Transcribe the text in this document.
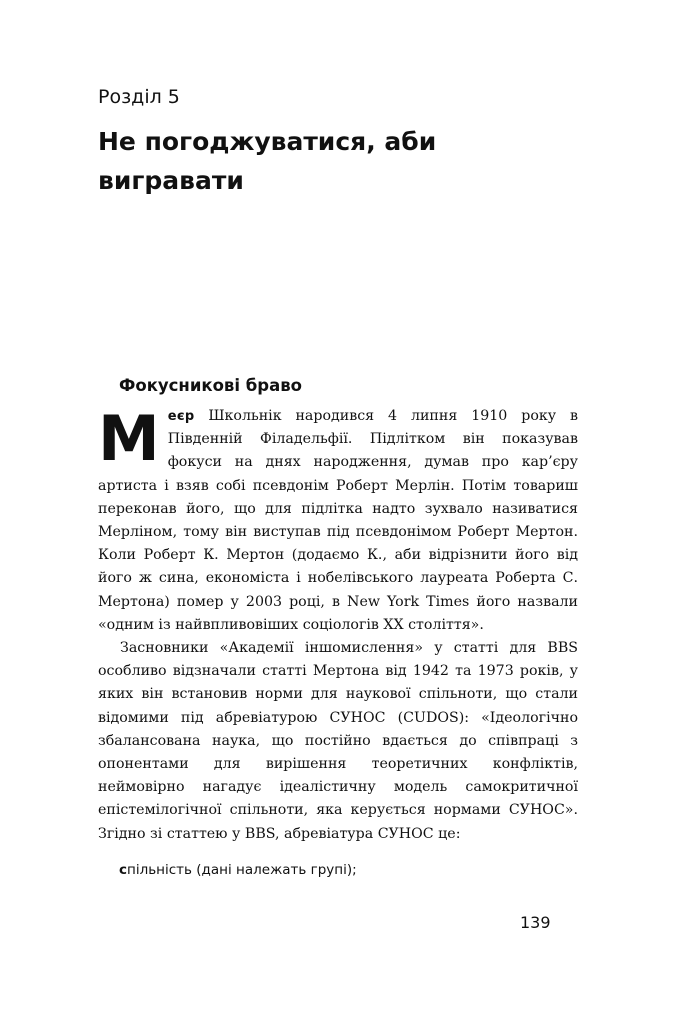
Розділ 5
Не погоджуватися, аби вигравати
Фокусникові браво

Меєр Школьнік народився 4 липня 1910 року в Південній Філадельфії. Підлітком він показував фокуси на днях народження, думав про кар’єру артиста і взяв собі псевдонім Роберт Мерлін. Потім товариш переконав його, що для підлітка надто зухвало називатися Мерліном, тому він виступав під псевдонімом Роберт Мертон. Коли Роберт К. Мертон (додаємо К., аби відрізнити його від його ж сина, економіста і нобелівського лауреата Роберта С. Мертона) помер у 2003 році, в New York Times його назвали «одним із найвпливовіших соціологів XX століття».

Засновники «Академії іншомислення» у статті для BBS особливо відзначали статті Мертона від 1942 та 1973 років, у яких він встановив норми для наукової спільноти, що стали відомими під абревіатурою СУНОС (CUDOS): «Ідеологічно збалансована наука, що постійно вдається до співпраці з опонентами для вирішення теоретичних конфліктів, неймовірно нагадує ідеалістичну модель самокритичної епістемілогічної спільноти, яка керується нормами СУНОС». Згідно зі статтею у BBS, абревіатура СУНОС це:

спільність (дані належать групі);
139
